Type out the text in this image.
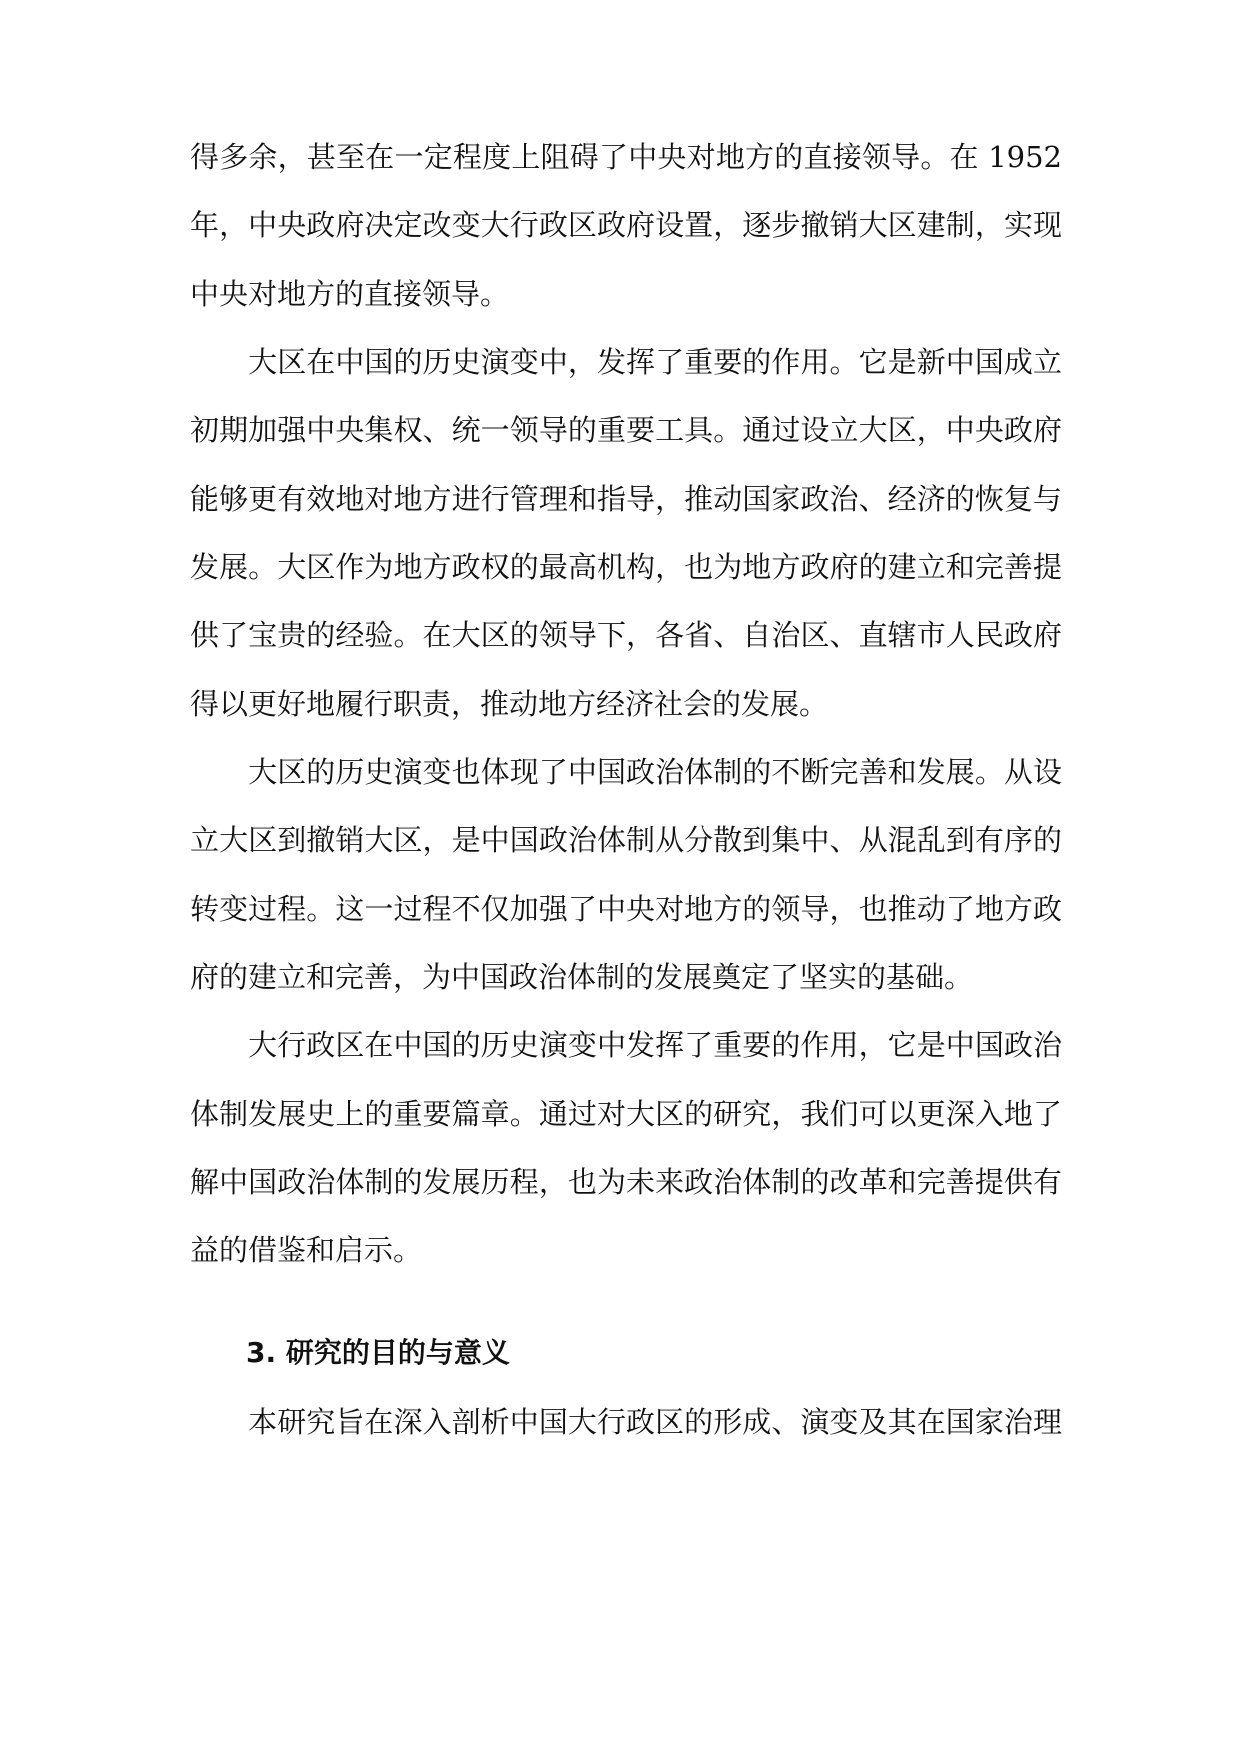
得多余，甚至在一定程度上阻碍了中央对地方的直接领导。在 1952
年，中央政府决定改变大行政区政府设置，逐步撤销大区建制，实现
中央对地方的直接领导。
　　大区在中国的历史演变中，发挥了重要的作用。它是新中国成立
初期加强中央集权、统一领导的重要工具。通过设立大区，中央政府
能够更有效地对地方进行管理和指导，推动国家政治、经济的恢复与
发展。大区作为地方政权的最高机构，也为地方政府的建立和完善提
供了宝贵的经验。在大区的领导下，各省、自治区、直辖市人民政府
得以更好地履行职责，推动地方经济社会的发展。
　　大区的历史演变也体现了中国政治体制的不断完善和发展。从设
立大区到撤销大区，是中国政治体制从分散到集中、从混乱到有序的
转变过程。这一过程不仅加强了中央对地方的领导，也推动了地方政
府的建立和完善，为中国政治体制的发展奠定了坚实的基础。
　　大行政区在中国的历史演变中发挥了重要的作用，它是中国政治
体制发展史上的重要篇章。通过对大区的研究，我们可以更深入地了
解中国政治体制的发展历程，也为未来政治体制的改革和完善提供有
益的借鉴和启示。
3. 研究的目的与意义
　　本研究旨在深入剖析中国大行政区的形成、演变及其在国家治理
